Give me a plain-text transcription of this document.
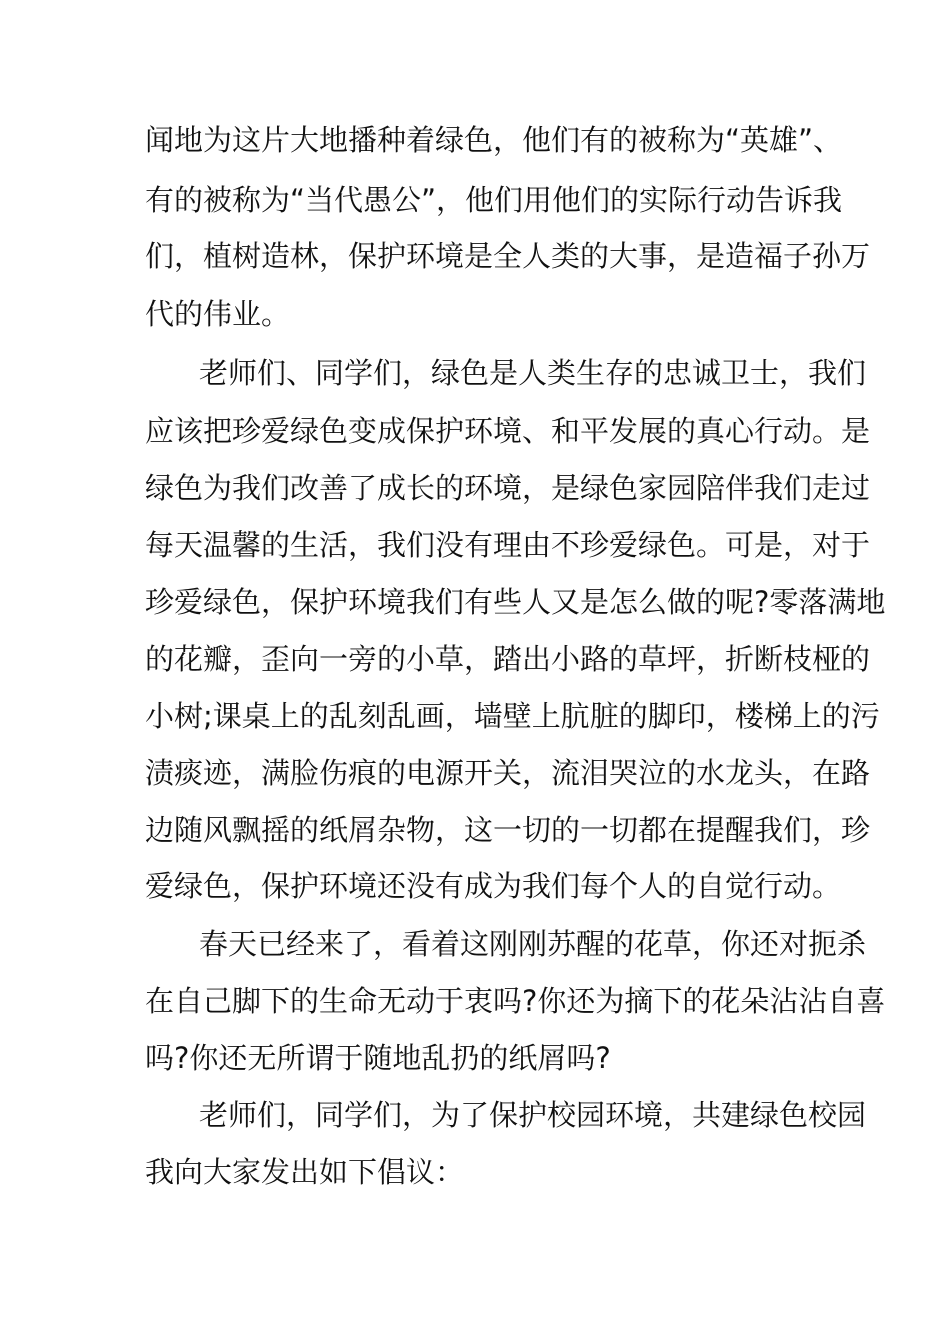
闻地为这片大地播种着绿色，他们有的被称为“英雄”、

有的被称为“当代愚公”，他们用他们的实际行动告诉我

们，植树造林，保护环境是全人类的大事，是造福子孙万

代的伟业。

老师们、同学们，绿色是人类生存的忠诚卫士，我们

应该把珍爱绿色变成保护环境、和平发展的真心行动。是

绿色为我们改善了成长的环境，是绿色家园陪伴我们走过

每天温馨的生活，我们没有理由不珍爱绿色。可是，对于

珍爱绿色，保护环境我们有些人又是怎么做的呢?零落满地

的花瓣，歪向一旁的小草，踏出小路的草坪，折断枝桠的

小树;课桌上的乱刻乱画，墙壁上肮脏的脚印，楼梯上的污

渍痰迹，满脸伤痕的电源开关，流泪哭泣的水龙头，在路

边随风飘摇的纸屑杂物，这一切的一切都在提醒我们，珍

爱绿色，保护环境还没有成为我们每个人的自觉行动。

春天已经来了，看着这刚刚苏醒的花草，你还对扼杀

在自己脚下的生命无动于衷吗?你还为摘下的花朵沾沾自喜

吗?你还无所谓于随地乱扔的纸屑吗?

老师们，同学们，为了保护校园环境，共建绿色校园

我向大家发出如下倡议：
